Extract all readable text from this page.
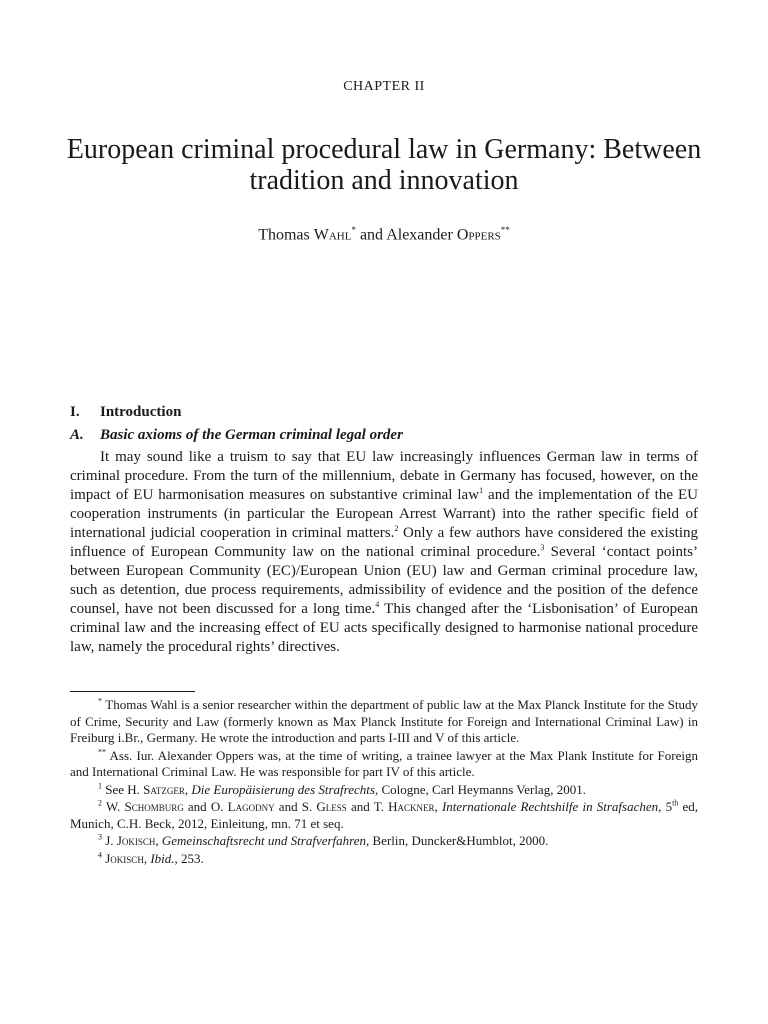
CHAPTER II
European criminal procedural law in Germany: Between tradition and innovation
Thomas Wahl* and Alexander Oppers**
I. Introduction
A. Basic axioms of the German criminal legal order

It may sound like a truism to say that EU law increasingly influences German law in terms of criminal procedure. From the turn of the millennium, debate in Germany has focused, however, on the impact of EU harmonisation measures on substantive criminal law$^1$ and the implementation of the EU cooperation instruments (in particular the European Arrest Warrant) into the rather specific field of international judicial cooperation in criminal matters.$^2$ Only a few authors have considered the existing influence of European Community law on the national criminal procedure.$^3$ Several ‘contact points’ between European Community (EC)/European Union (EU) law and German criminal procedure law, such as detention, due process requirements, admissibility of evidence and the position of the defence counsel, have not been discussed for a long time.$^4$ This changed after the ‘Lisbonisation’ of European criminal law and the increasing effect of EU acts specifically designed to harmonise national procedure law, namely the procedural rights’ directives.

* Thomas Wahl is a senior researcher within the department of public law at the Max Planck Institute for the Study of Crime, Security and Law (formerly known as Max Planck Institute for Foreign and International Criminal Law) in Freiburg i.Br., Germany. He wrote the introduction and parts I-III and V of this article.

** Ass. Iur. Alexander Oppers was, at the time of writing, a trainee lawyer at the Max Plank Institute for Foreign and International Criminal Law. He was responsible for part IV of this article.

$^1$ See H. Satzger, Die Europäisierung des Strafrechts, Cologne, Carl Heymanns Verlag, 2001.

$^2$ W. Schomburg and O. Lagodny and S. Gless and T. Hackner, Internationale Rechtshilfe in Strafsachen, 5th ed, Munich, C.H. Beck, 2012, Einleitung, mn. 71 et seq.

$^3$ J. Jokisch, Gemeinschaftsrecht und Strafverfahren, Berlin, Duncker&Humblot, 2000.

$^4$ Jokisch, Ibid., 253.
